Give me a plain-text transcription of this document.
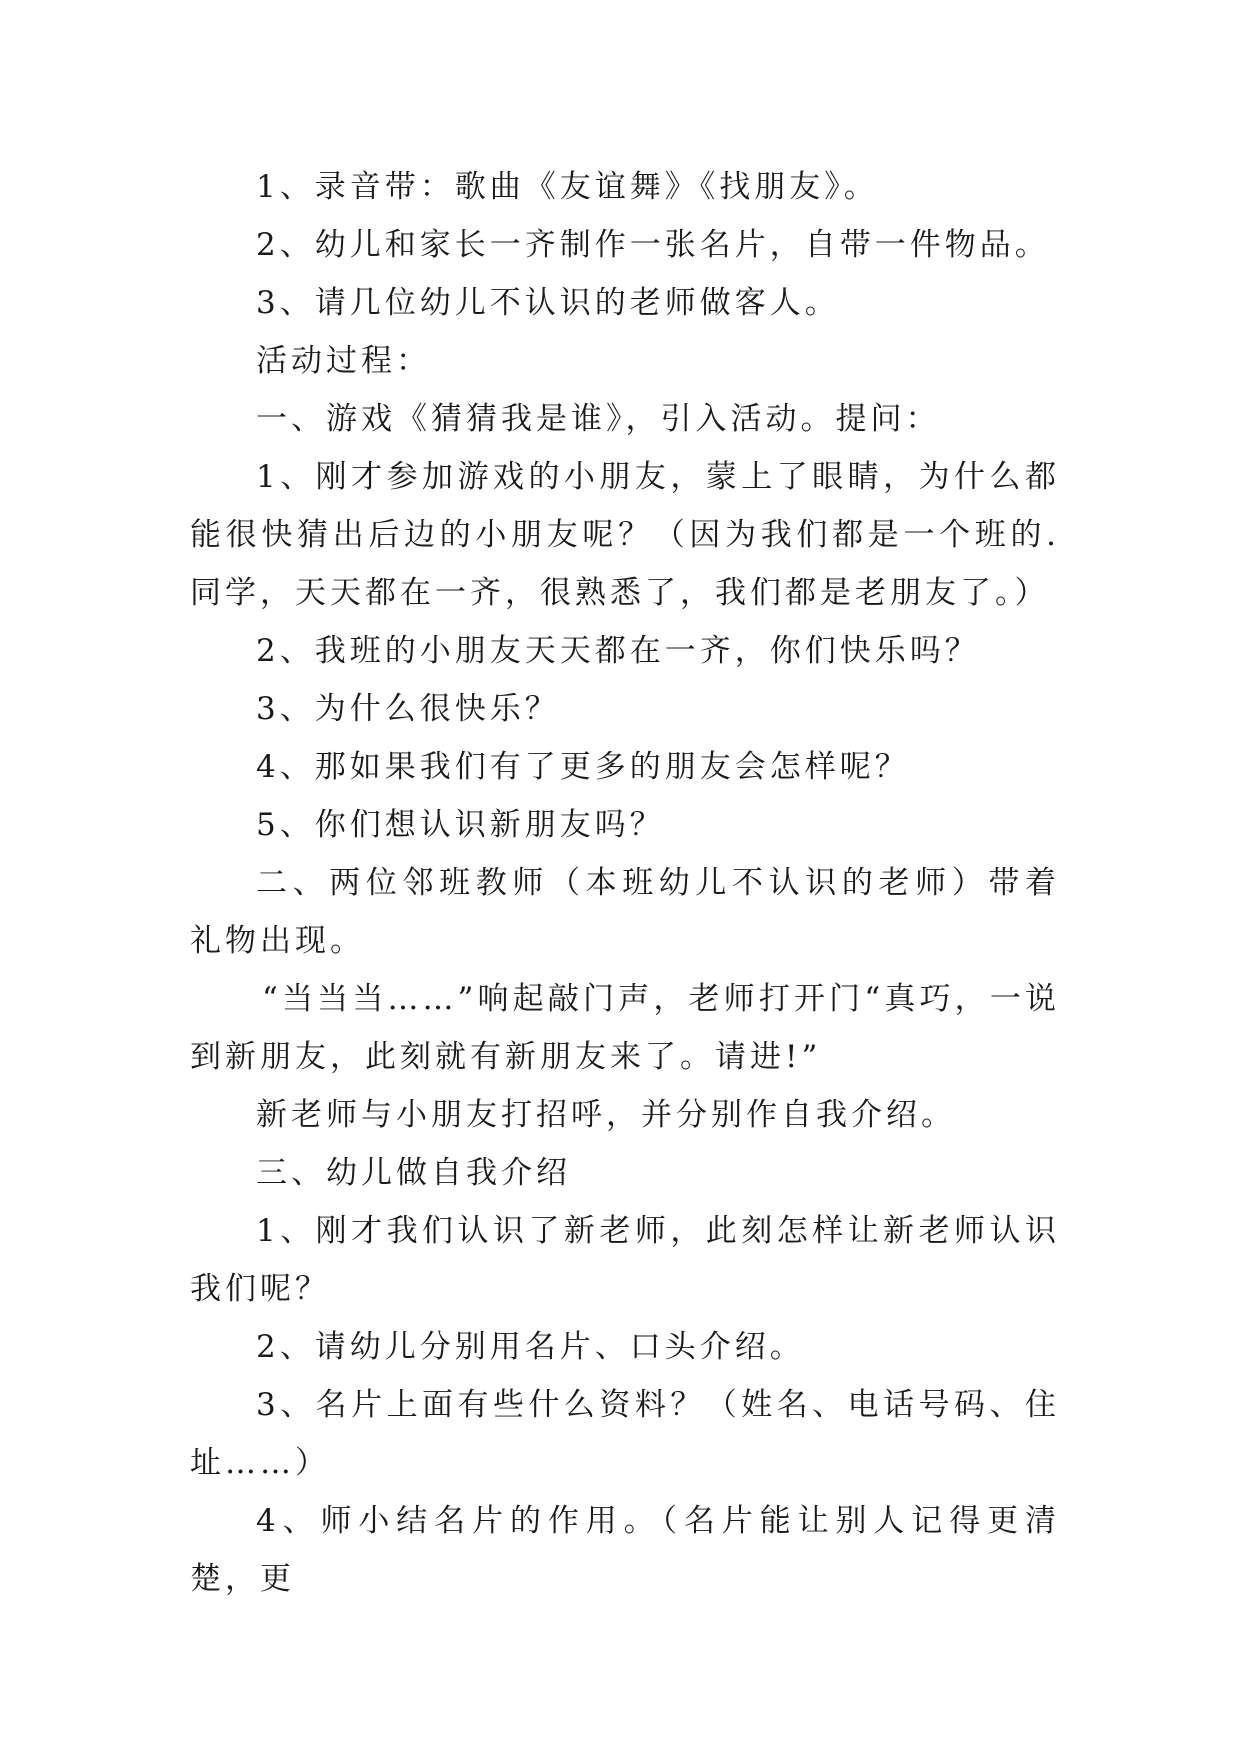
1、录音带：歌曲《友谊舞》《找朋友》。

2、幼儿和家长一齐制作一张名片，自带一件物品。

3、请几位幼儿不认识的老师做客人。

活动过程：

一、游戏《猜猜我是谁》，引入活动。提问：

1、刚才参加游戏的小朋友，蒙上了眼睛，为什么都能很快猜出后边的小朋友呢？（因为我们都是一个班的.同学，天天都在一齐，很熟悉了，我们都是老朋友了。）

2、我班的小朋友天天都在一齐，你们快乐吗？

3、为什么很快乐？

4、那如果我们有了更多的朋友会怎样呢？

5、你们想认识新朋友吗？

二、两位邻班教师（本班幼儿不认识的老师）带着礼物出现。

“当当当……”响起敲门声，老师打开门“真巧，一说到新朋友，此刻就有新朋友来了。请进!”

新老师与小朋友打招呼，并分别作自我介绍。

三、幼儿做自我介绍

1、刚才我们认识了新老师，此刻怎样让新老师认识我们呢？

2、请幼儿分别用名片、口头介绍。

3、名片上面有些什么资料？（姓名、电话号码、住址……）

4、师小结名片的作用。（名片能让别人记得更清楚，更
